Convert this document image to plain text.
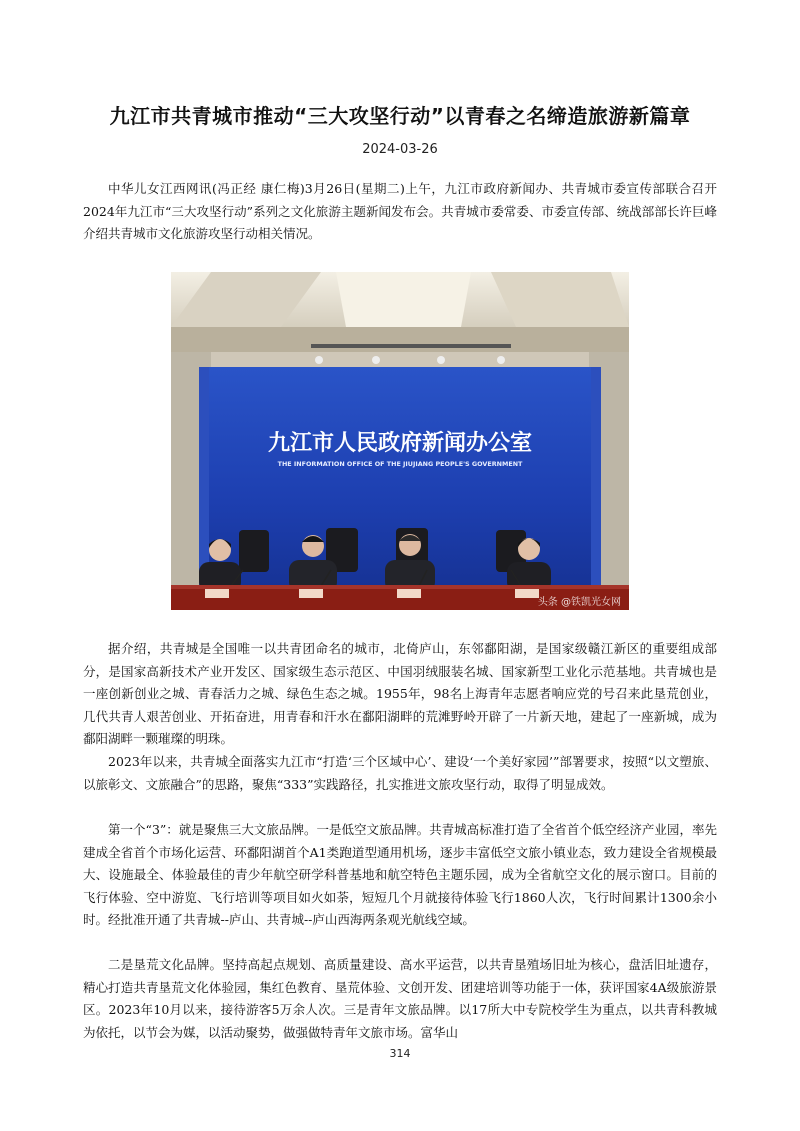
九江市共青城市推动“三大攻坚行动”以青春之名缔造旅游新篇章
2024-03-26

中华儿女江西网讯(冯正经 康仁梅)3月26日(星期二)上午，九江市政府新闻办、共青城市委宣传部联合召开2024年九江市“三大攻坚行动”系列之文化旅游主题新闻发布会。共青城市委常委、市委宣传部、统战部部长许巨峰介绍共青城市文化旅游攻坚行动相关情况。

九江市人民政府新闻办公室
THE INFORMATION OFFICE OF THE JIUJIANG PEOPLE'S GOVERNMENT
头条 @铁凯光女网

据介绍，共青城是全国唯一以共青团命名的城市，北倚庐山，东邻鄱阳湖，是国家级赣江新区的重要组成部分，是国家高新技术产业开发区、国家级生态示范区、中国羽绒服装名城、国家新型工业化示范基地。共青城也是一座创新创业之城、青春活力之城、绿色生态之城。1955年，98名上海青年志愿者响应党的号召来此垦荒创业，几代共青人艰苦创业、开拓奋进，用青春和汗水在鄱阳湖畔的荒滩野岭开辟了一片新天地，建起了一座新城，成为鄱阳湖畔一颗璀璨的明珠。

2023年以来，共青城全面落实九江市“打造‘三个区域中心’、建设‘一个美好家园’”部署要求，按照“以文塑旅、以旅彰文、文旅融合”的思路，聚焦“333”实践路径，扎实推进文旅攻坚行动，取得了明显成效。

第一个“3”：就是聚焦三大文旅品牌。一是低空文旅品牌。共青城高标准打造了全省首个低空经济产业园，率先建成全省首个市场化运营、环鄱阳湖首个A1类跑道型通用机场，逐步丰富低空文旅小镇业态，致力建设全省规模最大、设施最全、体验最佳的青少年航空研学科普基地和航空特色主题乐园，成为全省航空文化的展示窗口。目前的飞行体验、空中游览、飞行培训等项目如火如荼，短短几个月就接待体验飞行1860人次，飞行时间累计1300余小时。经批准开通了共青城--庐山、共青城--庐山西海两条观光航线空域。

二是垦荒文化品牌。坚持高起点规划、高质量建设、高水平运营，以共青垦殖场旧址为核心，盘活旧址遗存，精心打造共青垦荒文化体验园，集红色教育、垦荒体验、文创开发、团建培训等功能于一体，获评国家4A级旅游景区。2023年10月以来，接待游客5万余人次。三是青年文旅品牌。以17所大中专院校学生为重点，以共青科教城为依托，以节会为媒，以活动聚势，做强做特青年文旅市场。富华山

314
